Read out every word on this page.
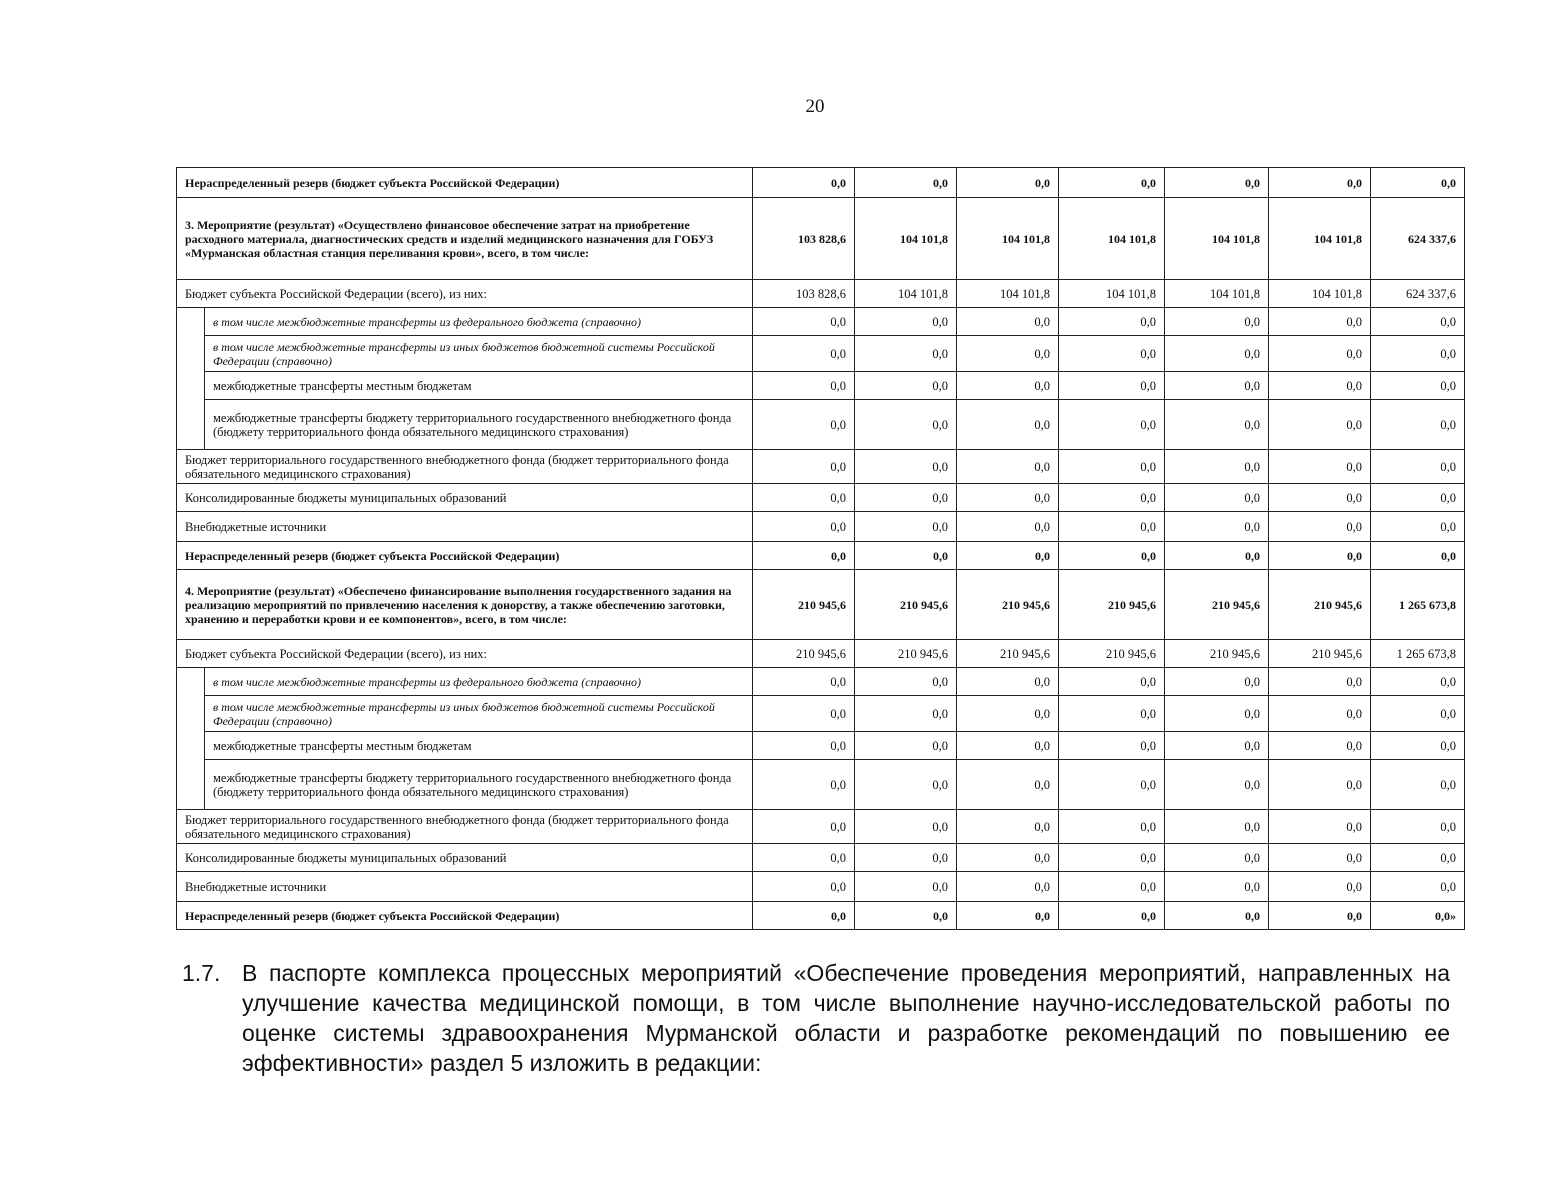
20
Нераспределенный резерв (бюджет субъекта Российской Федерации)		0,0	0,0	0,0	0,0	0,0	0,0	0,0
3. Мероприятие (результат) «Осуществлено финансовое обеспечение затрат на приобретение расходного материала, диагностических средств и изделий медицинского назначения для ГОБУЗ «Мурманская областная станция переливания крови», всего, в том числе:		103 828,6	104 101,8	104 101,8	104 101,8	104 101,8	104 101,8	624 337,6
Бюджет субъекта Российской Федерации (всего), из них:		103 828,6	104 101,8	104 101,8	104 101,8	104 101,8	104 101,8	624 337,6
	в том числе межбюджетные трансферты из федерального бюджета (справочно)	0,0	0,0	0,0	0,0	0,0	0,0	0,0
	в том числе межбюджетные трансферты из иных бюджетов бюджетной системы Российской Федерации (справочно)	0,0	0,0	0,0	0,0	0,0	0,0	0,0
	межбюджетные трансферты местным бюджетам	0,0	0,0	0,0	0,0	0,0	0,0	0,0
	межбюджетные трансферты бюджету территориального государственного внебюджетного фонда (бюджету территориального фонда обязательного медицинского страхования)	0,0	0,0	0,0	0,0	0,0	0,0	0,0
Бюджет территориального государственного внебюджетного фонда (бюджет территориального фонда обязательного медицинского страхования)		0,0	0,0	0,0	0,0	0,0	0,0	0,0
Консолидированные бюджеты муниципальных образований		0,0	0,0	0,0	0,0	0,0	0,0	0,0
Внебюджетные источники		0,0	0,0	0,0	0,0	0,0	0,0	0,0
Нераспределенный резерв (бюджет субъекта Российской Федерации)		0,0	0,0	0,0	0,0	0,0	0,0	0,0
4. Мероприятие (результат) «Обеспечено финансирование выполнения государственного задания на реализацию мероприятий по привлечению населения к донорству, а также обеспечению заготовки, хранению и переработки крови и ее компонентов», всего, в том числе:		210 945,6	210 945,6	210 945,6	210 945,6	210 945,6	210 945,6	1 265 673,8
Бюджет субъекта Российской Федерации (всего), из них:		210 945,6	210 945,6	210 945,6	210 945,6	210 945,6	210 945,6	1 265 673,8
	в том числе межбюджетные трансферты из федерального бюджета (справочно)	0,0	0,0	0,0	0,0	0,0	0,0	0,0
	в том числе межбюджетные трансферты из иных бюджетов бюджетной системы Российской Федерации (справочно)	0,0	0,0	0,0	0,0	0,0	0,0	0,0
	межбюджетные трансферты местным бюджетам	0,0	0,0	0,0	0,0	0,0	0,0	0,0
	межбюджетные трансферты бюджету территориального государственного внебюджетного фонда (бюджету территориального фонда обязательного медицинского страхования)	0,0	0,0	0,0	0,0	0,0	0,0	0,0
Бюджет территориального государственного внебюджетного фонда (бюджет территориального фонда обязательного медицинского страхования)		0,0	0,0	0,0	0,0	0,0	0,0	0,0
Консолидированные бюджеты муниципальных образований		0,0	0,0	0,0	0,0	0,0	0,0	0,0
Внебюджетные источники		0,0	0,0	0,0	0,0	0,0	0,0	0,0
Нераспределенный резерв (бюджет субъекта Российской Федерации)		0,0	0,0	0,0	0,0	0,0	0,0	0,0»
1.7. В паспорте комплекса процессных мероприятий «Обеспечение проведения мероприятий, направленных на улучшение качества медицинской помощи, в том числе выполнение научно-исследовательской работы по оценке системы здравоохранения Мурманской области и разработке рекомендаций по повышению ее эффективности» раздел 5 изложить в редакции:
